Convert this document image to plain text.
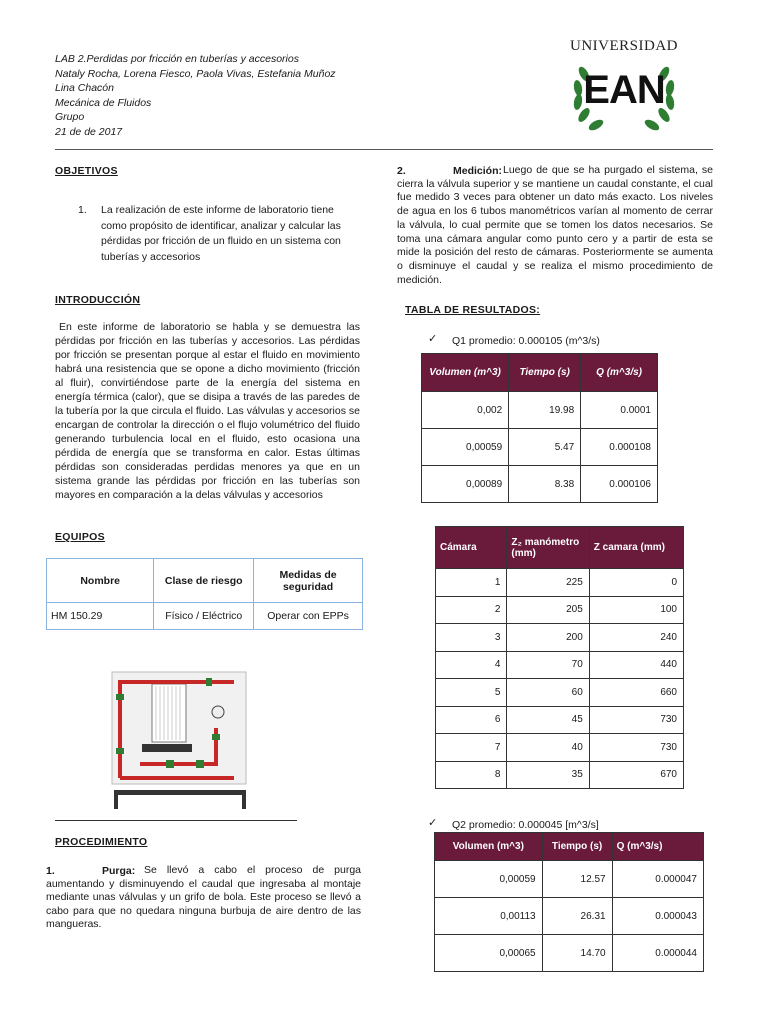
LAB 2.Perdidas por fricción en tuberías y accesorios
Nataly Rocha, Lorena Fiesco, Paola Vivas, Estefania Muñoz
Lina Chacón
Mecánica de Fluidos
Grupo
21 de de 2017
UNIVERSIDAD
EAN
OBJETIVOS
1. La realización de este informe de laboratorio tiene como propósito de identificar, analizar y calcular las pérdidas por fricción de un fluido en un sistema con tuberías y accesorios
INTRODUCCIÓN
En este informe de laboratorio se habla y se demuestra las pérdidas por fricción en las tuberías y accesorios. Las pérdidas por fricción se presentan porque al estar el fluido en movimiento habrá una resistencia que se opone a dicho movimiento (fricción al fluir), convirtiéndose parte de la energía del sistema en energía térmica (calor), que se disipa a través de las paredes de la tubería por la que circula el fluido. Las válvulas y accesorios se encargan de controlar la dirección o el flujo volumétrico del fluido generando turbulencia local en el fluido, esto ocasiona una pérdida de energía que se transforma en calor. Estas últimas pérdidas son consideradas perdidas menores ya que en un sistema grande las pérdidas por fricción en las tuberías son mayores en comparación a la delas válvulas y accesorios
EQUIPOS
Nombre	Clase de riesgo	Medidas de seguridad
HM 150.29	Físico / Eléctrico	Operar con EPPs
PROCEDIMIENTO
1.	Purga: Se llevó a cabo el proceso de purga aumentando y disminuyendo el caudal que ingresaba al montaje mediante unas válvulas y un grifo de bola. Este proceso se llevó a cabo para que no quedara ninguna burbuja de aire dentro de las mangueras.
2.	Medición: Luego de que se ha purgado el sistema, se cierra la válvula superior y se mantiene un caudal constante, el cual fue medido 3 veces para obtener un dato más exacto. Los niveles de agua en los 6 tubos manométricos varían al momento de cerrar la válvula, lo cual permite que se tomen los datos necesarios. Se toma una cámara angular como punto cero y a partir de esta se mide la posición del resto de cámaras. Posteriormente se aumenta o disminuye el caudal y se realiza el mismo procedimiento de medición.
TABLA DE RESULTADOS:
✓ Q1 promedio: 0.000105 (m^3/s)
Volumen (m^3)	Tiempo (s)	Q (m^3/s)
0,002	19.98	0.0001
0,00059	5.47	0.000108
0,00089	8.38	0.000106
Cámara	Z₂ manómetro (mm)	Z camara (mm)
1	225	0
2	205	100
3	200	240
4	70	440
5	60	660
6	45	730
7	40	730
8	35	670
✓ Q2 promedio: 0.000045 [m^3/s]
Volumen (m^3)	Tiempo (s)	Q (m^3/s)
0,00059	12.57	0.000047
0,00113	26.31	0.000043
0,00065	14.70	0.000044
